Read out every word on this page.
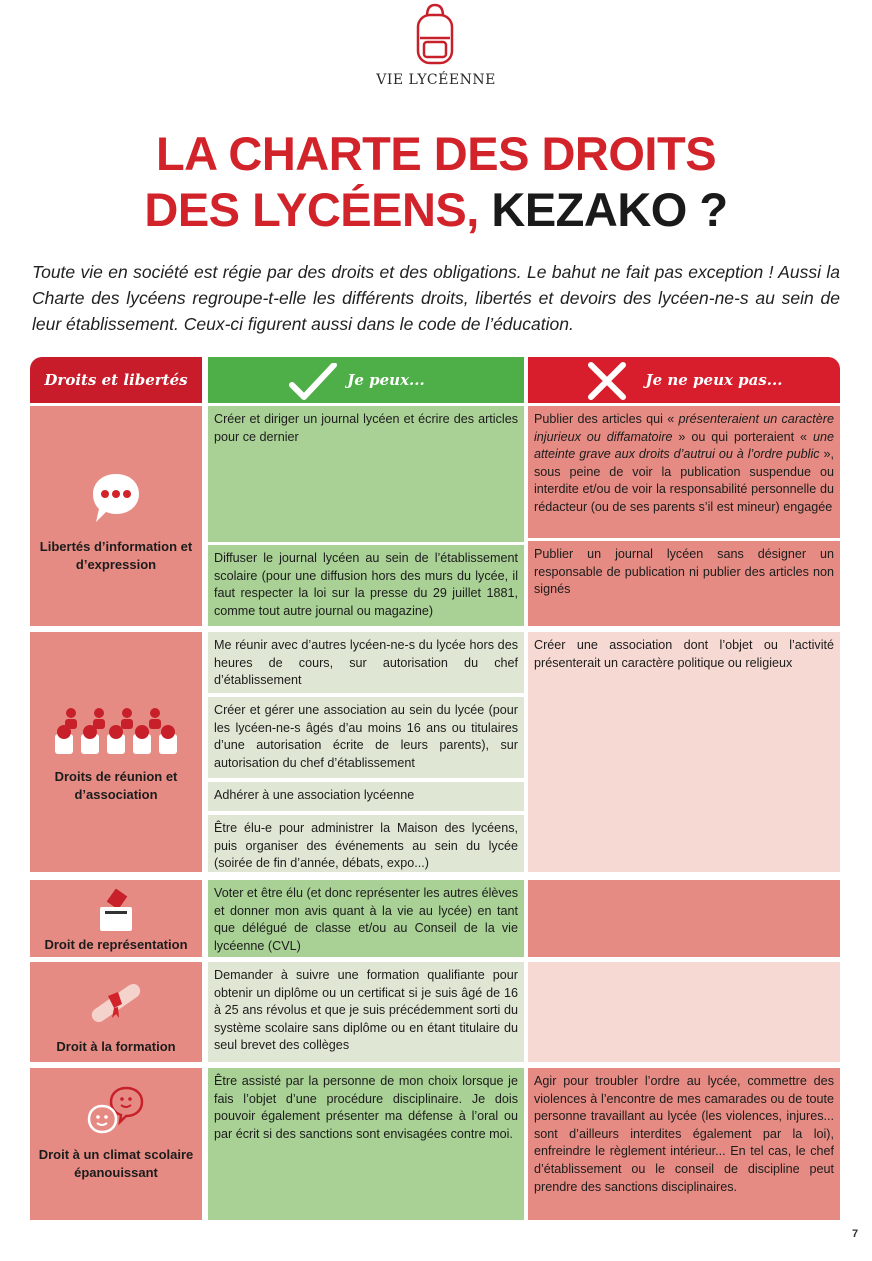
VIE LYCÉENNE
LA CHARTE DES DROITS
DES LYCÉENS, KEZAKO ?

Toute vie en société est régie par des droits et des obligations. Le bahut ne fait pas exception ! Aussi la Charte des lycéens regroupe-t-elle les différents droits, libertés et devoirs des lycéen-ne-s au sein de leur établissement. Ceux-ci figurent aussi dans le code de l’éducation.

Droits et libertés	Je peux...	Je ne peux pas...
Libertés d’information et d’expression
Créer et diriger un journal lycéen et écrire des articles pour ce dernier
Diffuser le journal lycéen au sein de l’établissement scolaire (pour une diffusion hors des murs du lycée, il faut respecter la loi sur la presse du 29 juillet 1881, comme tout autre journal ou magazine)
Publier des articles qui « présenteraient un caractère injurieux ou diffamatoire » ou qui porteraient « une atteinte grave aux droits d’autrui ou à l’ordre public », sous peine de voir la publication suspendue ou interdite et/ou de voir la responsabilité personnelle du rédacteur (ou de ses parents s’il est mineur) engagée
Publier un journal lycéen sans désigner un responsable de publication ni publier des articles non signés
Droits de réunion et d’association
Me réunir avec d’autres lycéen-ne-s du lycée hors des heures de cours, sur autorisation du chef d’établissement
Créer et gérer une association au sein du lycée (pour les lycéen-ne-s âgés d’au moins 16 ans ou titulaires d’une autorisation écrite de leurs parents), sur autorisation du chef d’établissement
Adhérer à une association lycéenne
Être élu-e pour administrer la Maison des lycéens, puis organiser des événements au sein du lycée (soirée de fin d’année, débats, expo...)
Créer une association dont l’objet ou l’activité présenterait un caractère politique ou religieux
Droit de représentation
Voter et être élu (et donc représenter les autres élèves et donner mon avis quant à la vie au lycée) en tant que délégué de classe et/ou au Conseil de la vie lycéenne (CVL)
Droit à la formation
Demander à suivre une formation qualifiante pour obtenir un diplôme ou un certificat si je suis âgé de 16 à 25 ans révolus et que je suis précédemment sorti du système scolaire sans diplôme ou en étant titulaire du seul brevet des collèges
Droit à un climat scolaire épanouissant
Être assisté par la personne de mon choix lorsque je fais l’objet d’une procédure disciplinaire. Je dois pouvoir également présenter ma défense à l’oral ou par écrit si des sanctions sont envisagées contre moi.
Agir pour troubler l’ordre au lycée, commettre des violences à l’encontre de mes camarades ou de toute personne travaillant au lycée (les violences, injures... sont d’ailleurs interdites également par la loi), enfreindre le règlement intérieur... En tel cas, le chef d’établissement ou le conseil de discipline peut prendre des sanctions disciplinaires.
7
